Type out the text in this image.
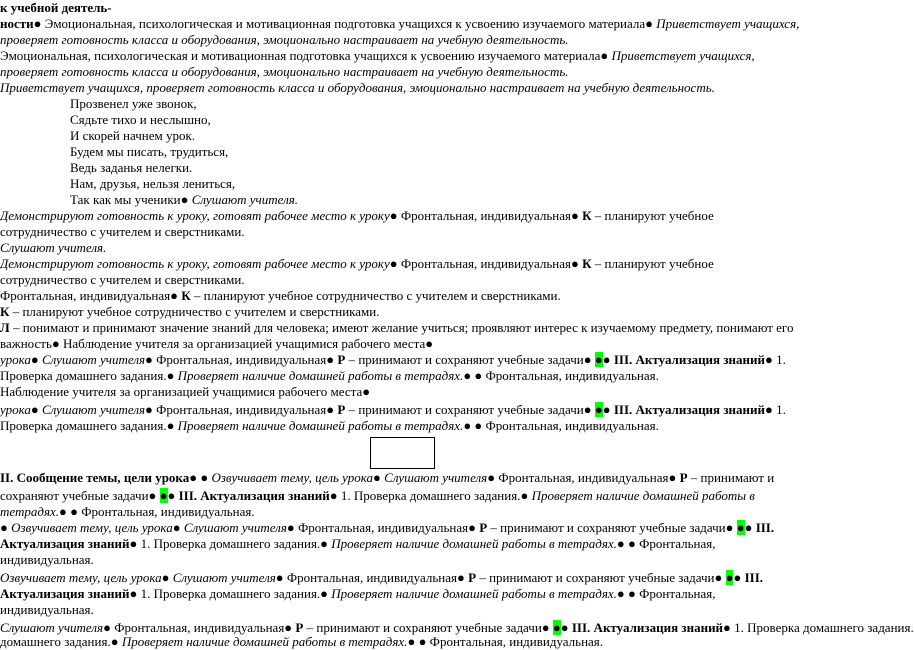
к учебной деятель-
ности● Эмоциональная, психологическая и мотивационная подготовка учащихся к усвоению изучаемого материала● Приветствует учащихся,
проверяет готовность класса и оборудования, эмоционально настраивает на учебную деятельность.
Эмоциональная, психологическая и мотивационная подготовка учащихся к усвоению изучаемого материала● Приветствует учащихся,
проверяет готовность класса и оборудования, эмоционально настраивает на учебную деятельность.
Приветствует учащихся, проверяет готовность класса и оборудования, эмоционально настраивает на учебную деятельность.
Прозвенел уже звонок,
Сядьте тихо и неслышно,
И скорей начнем урок.
Будем мы писать, трудиться,
Ведь заданья нелегки.
Нам, друзья, нельзя лениться,
Так как мы ученики● Слушают учителя.
Демонстрируют готовность к уроку, готовят рабочее место к уроку● Фронтальная, индивидуальная● К – планируют учебное
сотрудничество с учителем и сверстниками.
Слушают учителя.
Демонстрируют готовность к уроку, готовят рабочее место к уроку● Фронтальная, индивидуальная● К – планируют учебное
сотрудничество с учителем и сверстниками.
Фронтальная, индивидуальная● К – планируют учебное сотрудничество с учителем и сверстниками.
К – планируют учебное сотрудничество с учителем и сверстниками.
Л – понимают и принимают значение знаний для человека; имеют желание учиться; проявляют интерес к изучаемому предмету, понимают его
важность● Наблюдение учителя за организацией учащимися рабочего места●
урока● Слушают учителя● Фронтальная, индивидуальная● Р – принимают и сохраняют учебные задачи● ●● III. Актуализация знаний● 1.
Проверка домашнего задания.● Проверяет наличие домашней работы в тетрадях.● ● Фронтальная, индивидуальная.
Наблюдение учителя за организацией учащимися рабочего места●
урока● Слушают учителя● Фронтальная, индивидуальная● Р – принимают и сохраняют учебные задачи● ●● III. Актуализация знаний● 1.
Проверка домашнего задания.● Проверяет наличие домашней работы в тетрадях.● ● Фронтальная, индивидуальная.
II. Сообщение темы, цели урока● ● Озвучивает тему, цель урока● Слушают учителя● Фронтальная, индивидуальная● Р – принимают и
сохраняют учебные задачи● ●● III. Актуализация знаний● 1. Проверка домашнего задания.● Проверяет наличие домашней работы в
тетрадях.● ● Фронтальная, индивидуальная.
● Озвучивает тему, цель урока● Слушают учителя● Фронтальная, индивидуальная● Р – принимают и сохраняют учебные задачи● ●● III.
Актуализация знаний● 1. Проверка домашнего задания.● Проверяет наличие домашней работы в тетрадях.● ● Фронтальная,
индивидуальная.
Озвучивает тему, цель урока● Слушают учителя● Фронтальная, индивидуальная● Р – принимают и сохраняют учебные задачи● ●● III.
Актуализация знаний● 1. Проверка домашнего задания.● Проверяет наличие домашней работы в тетрадях.● ● Фронтальная,
индивидуальная.
Слушают учителя● Фронтальная, индивидуальная● Р – принимают и сохраняют учебные задачи● ●● III. Актуализация знаний● 1. Проверка домашнего задания.
домашнего задания.● Проверяет наличие домашней работы в тетрадях.● ● Фронтальная, индивидуальная.
